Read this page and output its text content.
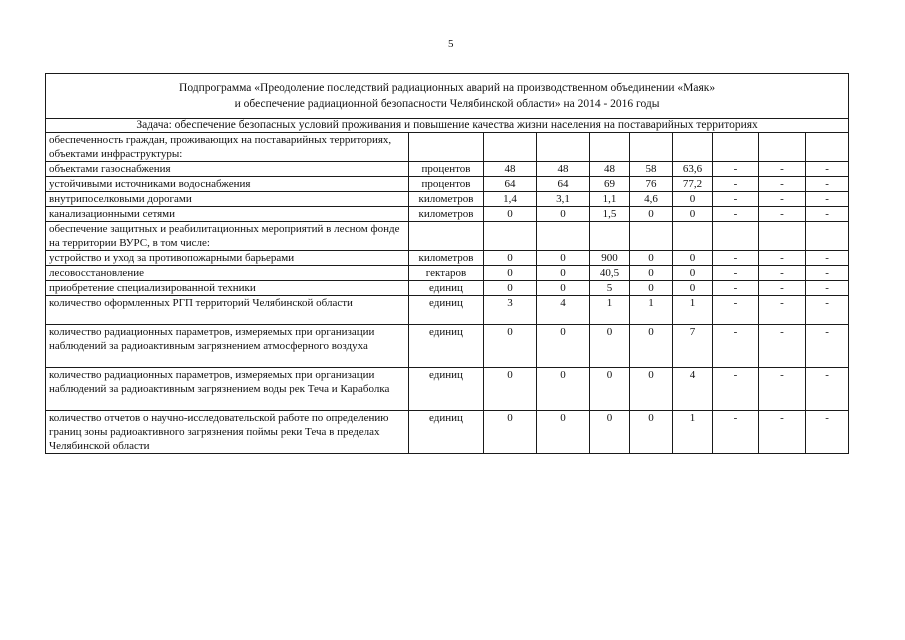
5
Подпрограмма «Преодоление последствий радиационных аварий на производственном объединении «Маяк»
и обеспечение радиационной безопасности Челябинской области» на 2014 - 2016 годы									

Задача: обеспечение безопасных условий проживания и повышение качества жизни населения на поставарийных территориях									
обеспеченность граждан, проживающих на поставарийных территориях, объектами инфраструктуры:									
объектами газоснабжения	процентов	48	48	48	58	63,6	-	-	-
устойчивыми источниками водоснабжения	процентов	64	64	69	76	77,2	-	-	-
внутрипоселковыми дорогами	километров	1,4	3,1	1,1	4,6	0	-	-	-
канализационными сетями	километров	0	0	1,5	0	0	-	-	-
обеспечение защитных и реабилитационных мероприятий в лесном фонде на территории ВУРС, в том числе:									
устройство и уход за противопожарными барьерами	километров	0	0	900	0	0	-	-	-
лесовосстановление	гектаров	0	0	40,5	0	0	-	-	-
приобретение специализированной техники	единиц	0	0	5	0	0	-	-	-
количество оформленных РГП территорий Челябинской области	единиц	3	4	1	1	1	-	-	-
количество радиационных параметров, измеряемых при организации наблюдений за радиоактивным загрязнением атмосферного воздуха	единиц	0	0	0	0	7	-	-	-
количество радиационных параметров, измеряемых при организации наблюдений за радиоактивным загрязнением воды рек Теча и Караболка	единиц	0	0	0	0	4	-	-	-
количество отчетов о научно-исследовательской работе по определению границ зоны радиоактивного загрязнения поймы реки Теча в пределах Челябинской области	единиц	0	0	0	0	1	-	-	-
